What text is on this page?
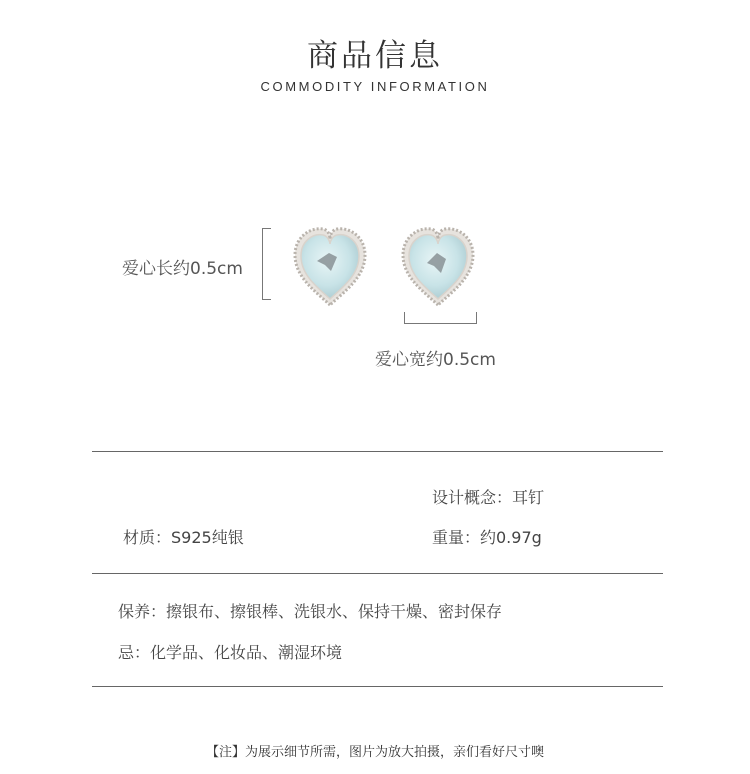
商品信息
COMMODITY INFORMATION
爱心长约0.5cm
爱心宽约0.5cm
设计概念：耳钉
材质：S925纯银	重量：约0.97g
保养：擦银布、擦银棒、洗银水、保持干燥、密封保存
忌：化学品、化妆品、潮湿环境
【注】为展示细节所需，图片为放大拍摄，亲们看好尺寸噢
